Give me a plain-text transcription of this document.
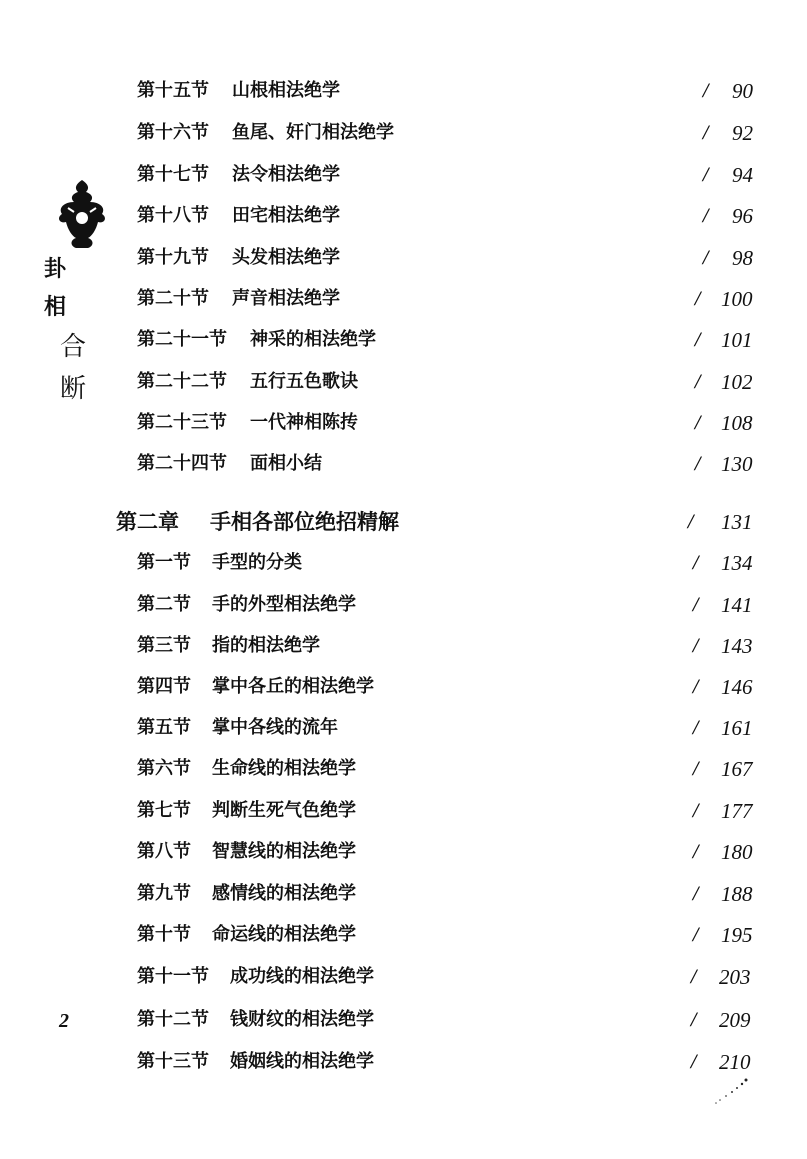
卦
相
合
断
第十五节 山根相法绝学	/ 90
第十六节 鱼尾、奸门相法绝学	/ 92
第十七节 法令相法绝学	/ 94
第十八节 田宅相法绝学	/ 96
第十九节 头发相法绝学	/ 98
第二十节 声音相法绝学	/ 100
第二十一节 神采的相法绝学	/ 101
第二十二节 五行五色歌诀	/ 102
第二十三节 一代神相陈抟	/ 108
第二十四节 面相小结	/ 130
第二章 手相各部位绝招精解	/ 131
第一节 手型的分类	/ 134
第二节 手的外型相法绝学	/ 141
第三节 指的相法绝学	/ 143
第四节 掌中各丘的相法绝学	/ 146
第五节 掌中各线的流年	/ 161
第六节 生命线的相法绝学	/ 167
第七节 判断生死气色绝学	/ 177
第八节 智慧线的相法绝学	/ 180
第九节 感情线的相法绝学	/ 188
第十节 命运线的相法绝学	/ 195
第十一节 成功线的相法绝学	/ 203
第十二节 钱财纹的相法绝学	/ 209
第十三节 婚姻线的相法绝学	/ 210
2
